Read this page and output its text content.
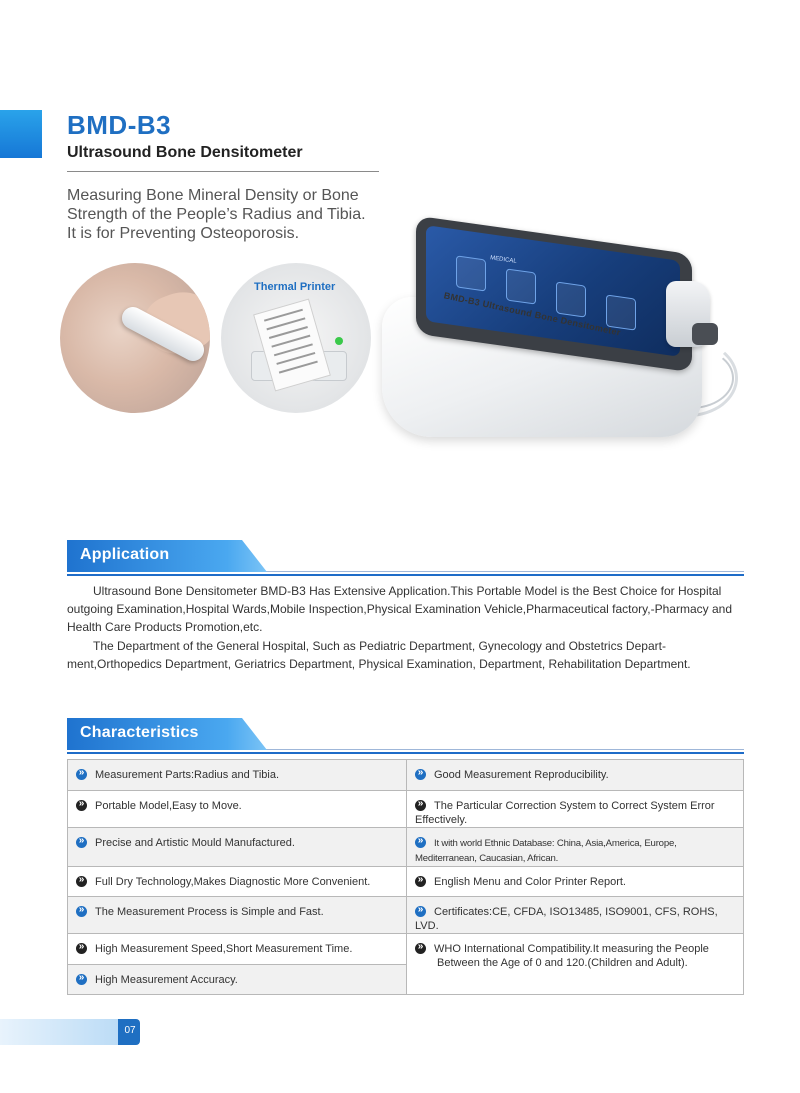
BMD-B3
Ultrasound Bone Densitometer
Measuring Bone Mineral Density or Bone
Strength of the People’s Radius and Tibia.
It is for Preventing Osteoporosis.
Thermal Printer
MEDICAL
BMD-B3 Ultrasound Bone Densitometer
Application

Ultrasound Bone Densitometer BMD-B3 Has Extensive Application.This Portable Model is the Best Choice for Hospital outgoing Examination,Hospital Wards,Mobile Inspection,Physical Examination Vehicle,Pharmaceutical factory,-Pharmacy and Health Care Products Promotion,etc.

The Department of the General Hospital, Such as Pediatric Department, Gynecology and Obstetrics Depart-ment,Orthopedics Department, Geriatrics Department, Physical Examination, Department, Rehabilitation Department.

Characteristics
»Measurement Parts:Radius and Tibia.	»Good Measurement Reproducibility.
»Portable Model,Easy to Move.	»The Particular Correction System to Correct System Error Effectively.
»Precise and Artistic Mould Manufactured.	»It with world Ethnic Database: China, Asia,America, Europe, Mediterranean, Caucasian, African.
»Full Dry Technology,Makes Diagnostic More Convenient.	»English Menu and Color Printer Report.
»The Measurement Process is Simple and Fast.	»Certificates:CE, CFDA, ISO13485, ISO9001, CFS, ROHS, LVD.
»High Measurement Speed,Short Measurement Time.	»WHO International Compatibility.It measuring the People Between the Age of 0 and 120.(Children and Adult).
»High Measurement Accuracy.
07
